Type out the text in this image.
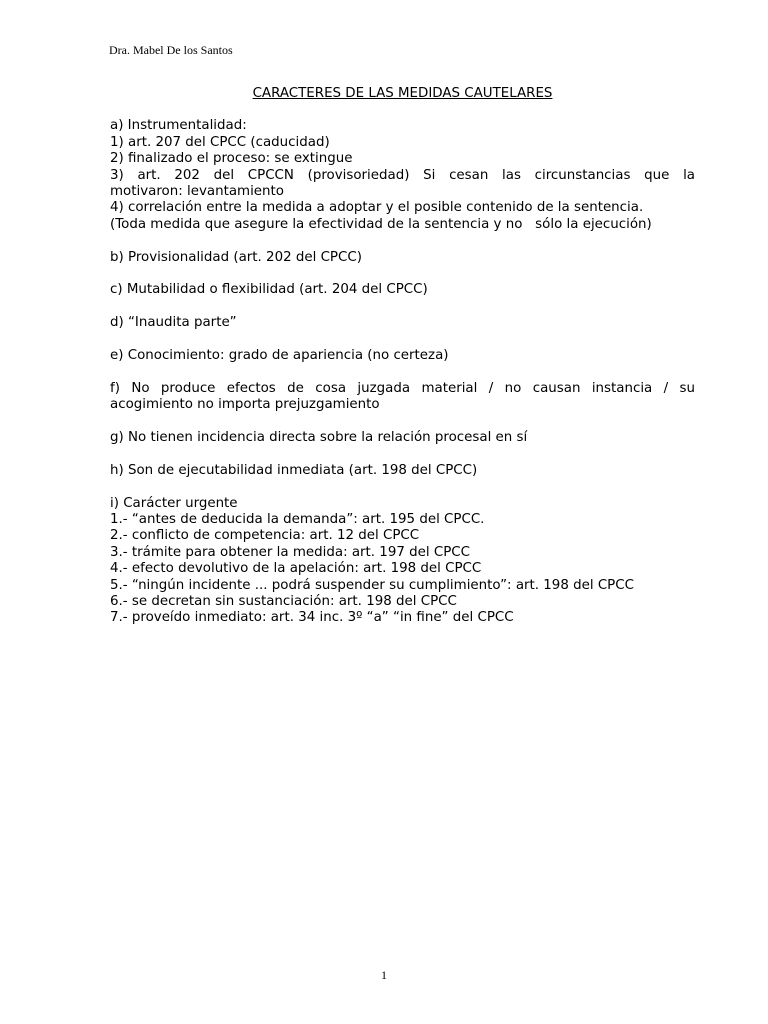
Dra. Mabel De los Santos
CARACTERES DE LAS MEDIDAS CAUTELARES
a) Instrumentalidad:
1) art. 207 del CPCC (caducidad)
2) finalizado el proceso: se extingue
3) art. 202 del CPCCN (provisoriedad) Si cesan las circunstancias que la
motivaron: levantamiento
4) correlación entre la medida a adoptar y el posible contenido de la sentencia.
(Toda medida que asegure la efectividad de la sentencia y no   sólo la ejecución)
b) Provisionalidad (art. 202 del CPCC)
c) Mutabilidad o flexibilidad (art. 204 del CPCC)
d) “Inaudita parte”
e) Conocimiento: grado de apariencia (no certeza)
f) No produce efectos de cosa juzgada material / no causan instancia / su
acogimiento no importa prejuzgamiento
g) No tienen incidencia directa sobre la relación procesal en sí
h) Son de ejecutabilidad inmediata (art. 198 del CPCC)
i) Carácter urgente
1.- “antes de deducida la demanda”: art. 195 del CPCC.
2.- conflicto de competencia: art. 12 del CPCC
3.- trámite para obtener la medida: art. 197 del CPCC
4.- efecto devolutivo de la apelación: art. 198 del CPCC
5.- “ningún incidente ... podrá suspender su cumplimiento”: art. 198 del CPCC
6.- se decretan sin sustanciación: art. 198 del CPCC
7.- proveído inmediato: art. 34 inc. 3º “a” “in fine” del CPCC
1
